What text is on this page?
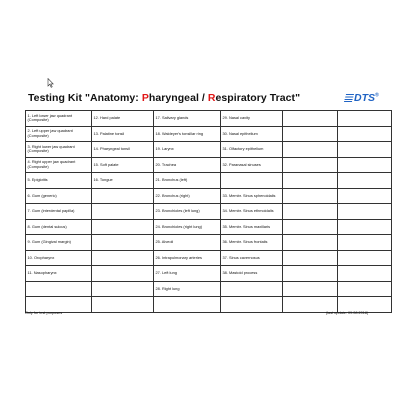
Testing Kit "Anatomy: Pharyngeal / Respiratory Tract"	DTS®
1. Left lower jaw quadrant (Composite)	12. Hard palate	17. Salivary glands	29. Nasal cavity		
2. Left upper jaw quadrant (Composite)	13. Palatine tonsil	18. Waldeyer's tonsillar ring	30. Nasal epithelium		
3. Right lower jaw quadrant (Composite)	14. Pharyngeal tonsil	19. Larynx	31. Olfactory epithelium		
4. Right upper jaw quadrant (Composite)	15. Soft palate	20. Trachea	32. Paranasal sinuses		
5. Epiglottis	16. Tongue	21. Bronchus (left)			
6. Gum (generic)		22. Bronchus (right)	33. Membr. Sinus sphenoidalis		
7. Gum (interdental papilla)		23. Bronchioles (left lung)	34. Membr. Sinus ethmoidalis		
8. Gum (dental sulcus)		24. Bronchioles (right lung)	35. Membr. Sinus maxillaris		
9. Gum (Gingival margin)		25. Alveoli	36. Membr. Sinus frontalis		
10. Oropharynx		26. Intrapulmonary arteries	37. Sinus cavernosus		
11. Nasopharynx		27. Left lung	38. Mastoid process		
		28. Right lung			

Only for test purposes	(last update: 09.08.2018)
